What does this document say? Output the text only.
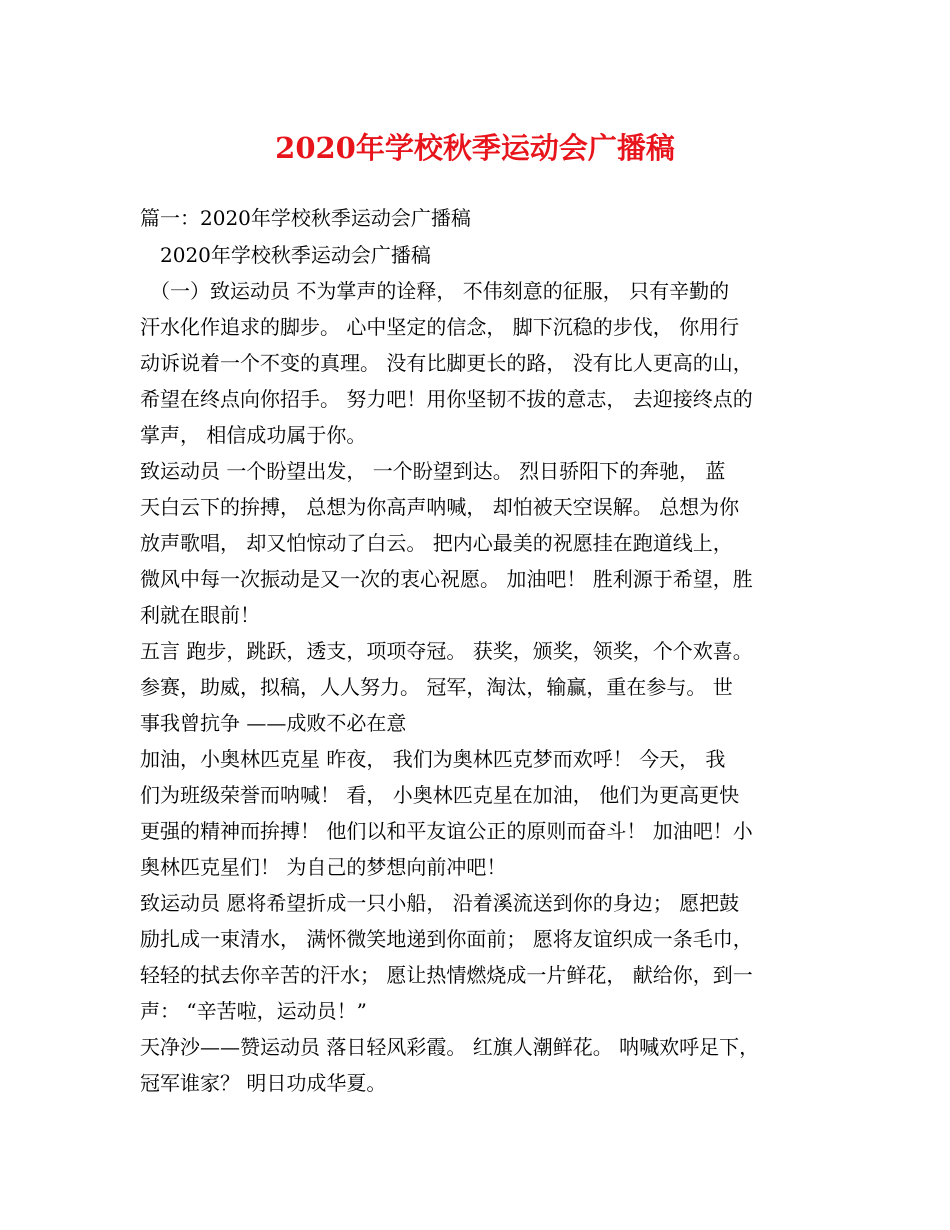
2020年学校秋季运动会广播稿
篇一：2020年学校秋季运动会广播稿
　2020年学校秋季运动会广播稿
　（一）致运动员 不为掌声的诠释， 不伟刻意的征服， 只有辛勤的
汗水化作追求的脚步。 心中坚定的信念， 脚下沉稳的步伐， 你用行
动诉说着一个不变的真理。 没有比脚更长的路， 没有比人更高的山，
希望在终点向你招手。 努力吧！用你坚韧不拔的意志， 去迎接终点的
掌声， 相信成功属于你。
致运动员 一个盼望出发， 一个盼望到达。 烈日骄阳下的奔驰， 蓝
天白云下的拚搏， 总想为你高声呐喊， 却怕被天空误解。 总想为你
放声歌唱， 却又怕惊动了白云。 把内心最美的祝愿挂在跑道线上，
微风中每一次振动是又一次的衷心祝愿。 加油吧！ 胜利源于希望，胜
利就在眼前！
五言 跑步，跳跃，透支，项项夺冠。 获奖，颁奖，领奖，个个欢喜。
参赛，助威，拟稿，人人努力。 冠军，淘汰，输赢，重在参与。 世
事我曾抗争 ——成败不必在意
加油，小奥林匹克星 昨夜， 我们为奥林匹克梦而欢呼！ 今天， 我
们为班级荣誉而呐喊！ 看， 小奥林匹克星在加油， 他们为更高更快
更强的精神而拚搏！ 他们以和平友谊公正的原则而奋斗！ 加油吧！小
奥林匹克星们！ 为自己的梦想向前冲吧！
致运动员 愿将希望折成一只小船， 沿着溪流送到你的身边； 愿把鼓
励扎成一束清水， 满怀微笑地递到你面前； 愿将友谊织成一条毛巾，
轻轻的拭去你辛苦的汗水； 愿让热情燃烧成一片鲜花， 献给你，到一
声： “辛苦啦，运动员！”
天净沙——赞运动员 落日轻风彩霞。 红旗人潮鲜花。 呐喊欢呼足下，
冠军谁家？ 明日功成华夏。
